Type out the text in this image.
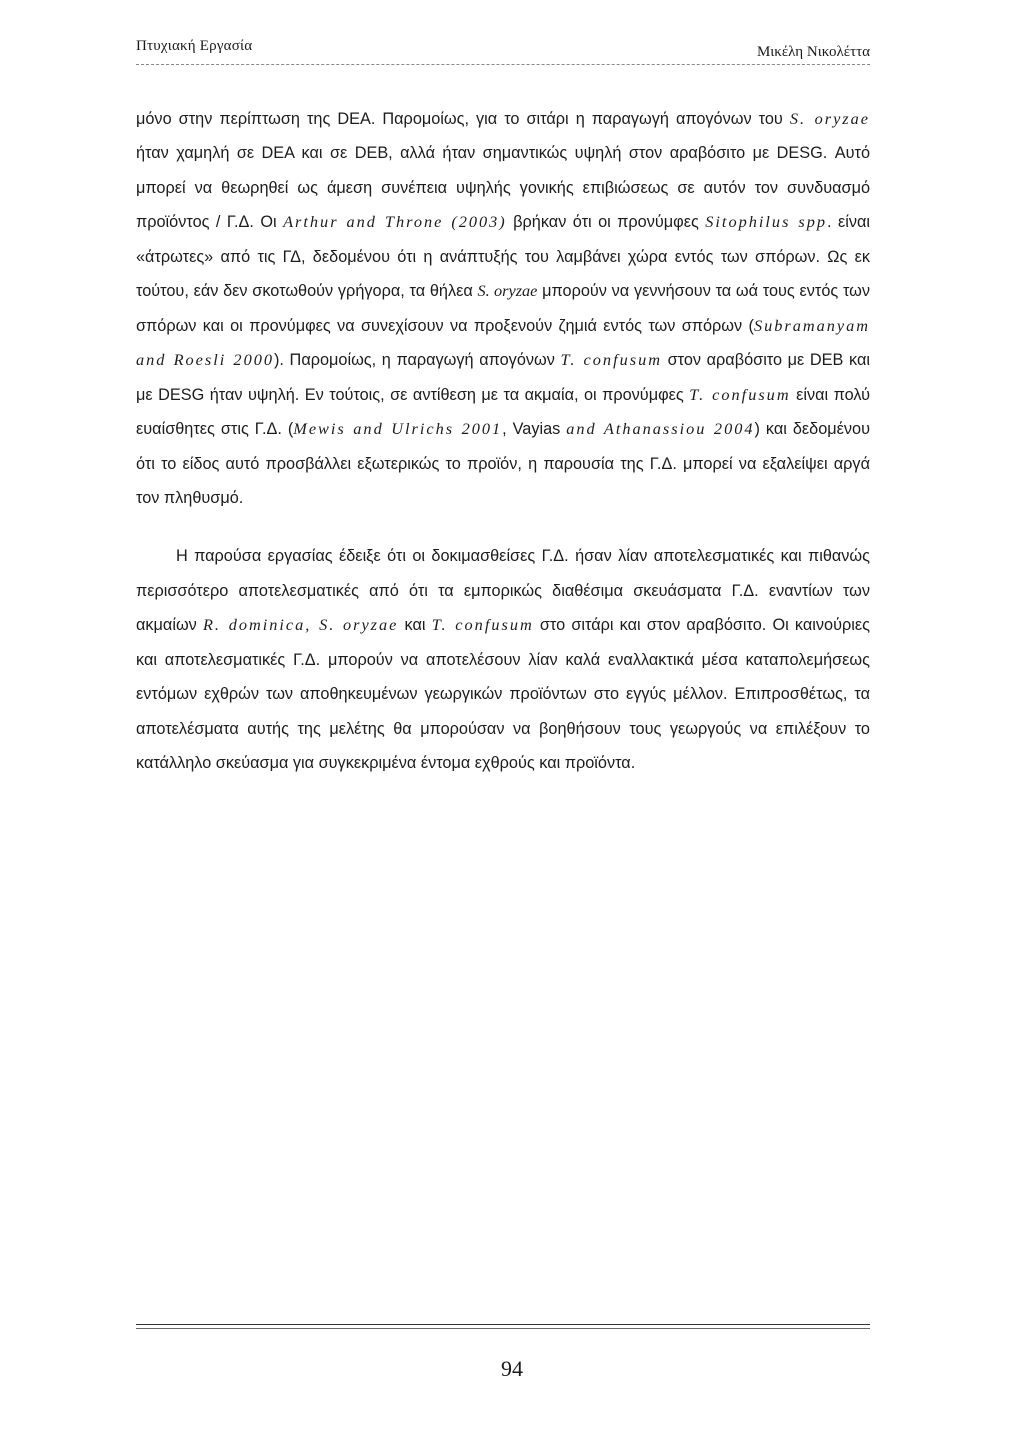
Πτυχιακή Εργασία	Μικέλη Νικολέττα

μόνο στην περίπτωση της DEA. Παρομοίως, για το σιτάρι η παραγωγή απογόνων του S. oryzae ήταν χαμηλή σε DEA και σε DEB, αλλά ήταν σημαντικώς υψηλή στον αραβόσιτο με DESG. Αυτό μπορεί να θεωρηθεί ως άμεση συνέπεια υψηλής γονικής επιβιώσεως σε αυτόν τον συνδυασμό προϊόντος / Γ.Δ. Οι Arthur and Throne (2003) βρήκαν ότι οι προνύμφες Sitophilus spp. είναι «άτρωτες» από τις ΓΔ, δεδομένου ότι η ανάπτυξής του λαμβάνει χώρα εντός των σπόρων. Ως εκ τούτου, εάν δεν σκοτωθούν γρήγορα, τα θήλεα S. oryzae μπορούν να γεννήσουν τα ωά τους εντός των σπόρων και οι προνύμφες να συνεχίσουν να προξενούν ζημιά εντός των σπόρων (Subramanyam and Roesli 2000). Παρομοίως, η παραγωγή απογόνων T. confusum στον αραβόσιτο με DEB και με DESG ήταν υψηλή. Εν τούτοις, σε αντίθεση με τα ακμαία, οι προνύμφες T. confusum είναι πολύ ευαίσθητες στις Γ.Δ. (Mewis and Ulrichs 2001, Vayias and Athanassiou 2004) και δεδομένου ότι το είδος αυτό προσβάλλει εξωτερικώς το προϊόν, η παρουσία της Γ.Δ. μπορεί να εξαλείψει αργά τον πληθυσμό.

Η παρούσα εργασίας έδειξε ότι οι δοκιμασθείσες Γ.Δ. ήσαν λίαν αποτελεσματικές και πιθανώς περισσότερο αποτελεσματικές από ότι τα εμπορικώς διαθέσιμα σκευάσματα Γ.Δ. εναντίων των ακμαίων R. dominica, S. oryzae και T. confusum στο σιτάρι και στον αραβόσιτο. Οι καινούριες και αποτελεσματικές Γ.Δ. μπορούν να αποτελέσουν λίαν καλά εναλλακτικά μέσα καταπολεμήσεως εντόμων εχθρών των αποθηκευμένων γεωργικών προϊόντων στο εγγύς μέλλον. Επιπροσθέτως, τα αποτελέσματα αυτής της μελέτης θα μπορούσαν να βοηθήσουν τους γεωργούς να επιλέξουν το κατάλληλο σκεύασμα για συγκεκριμένα έντομα εχθρούς και προϊόντα.

94
